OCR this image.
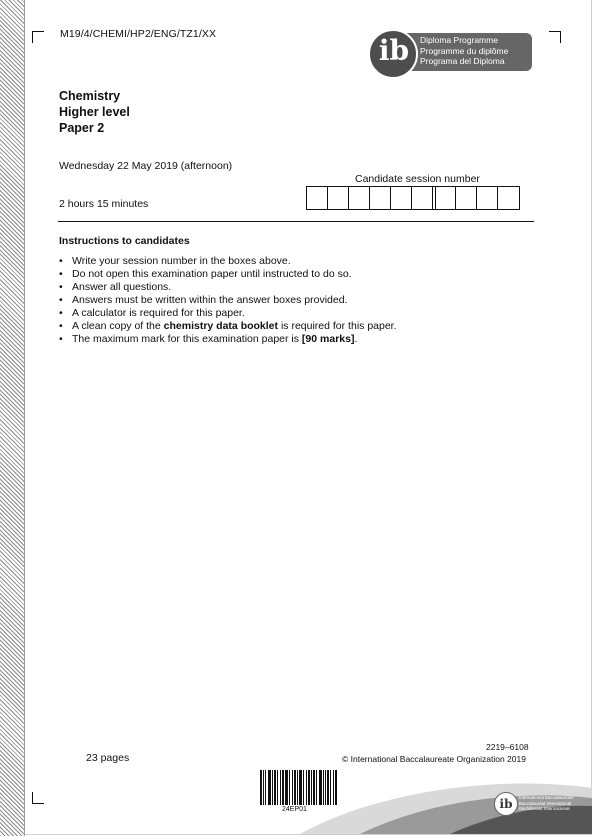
M19/4/CHEMI/HP2/ENG/TZ1/XX	ib	Diploma Programme
Programme du diplôme
Programa del Diploma
Chemistry
Higher level
Paper 2
Wednesday 22 May 2019 (afternoon)
2 hours 15 minutes
Candidate session number
Instructions to candidates
• Write your session number in the boxes above.
• Do not open this examination paper until instructed to do so.
• Answer all questions.
• Answers must be written within the answer boxes provided.
• A calculator is required for this paper.
• A clean copy of the chemistry data booklet is required for this paper.
• The maximum mark for this examination paper is [90 marks].
23 pages
2219–6108
© International Baccalaureate Organization 2019
24EP01	ib	International Baccalaureate
Baccalauréat International
Bachillerato Internacional
